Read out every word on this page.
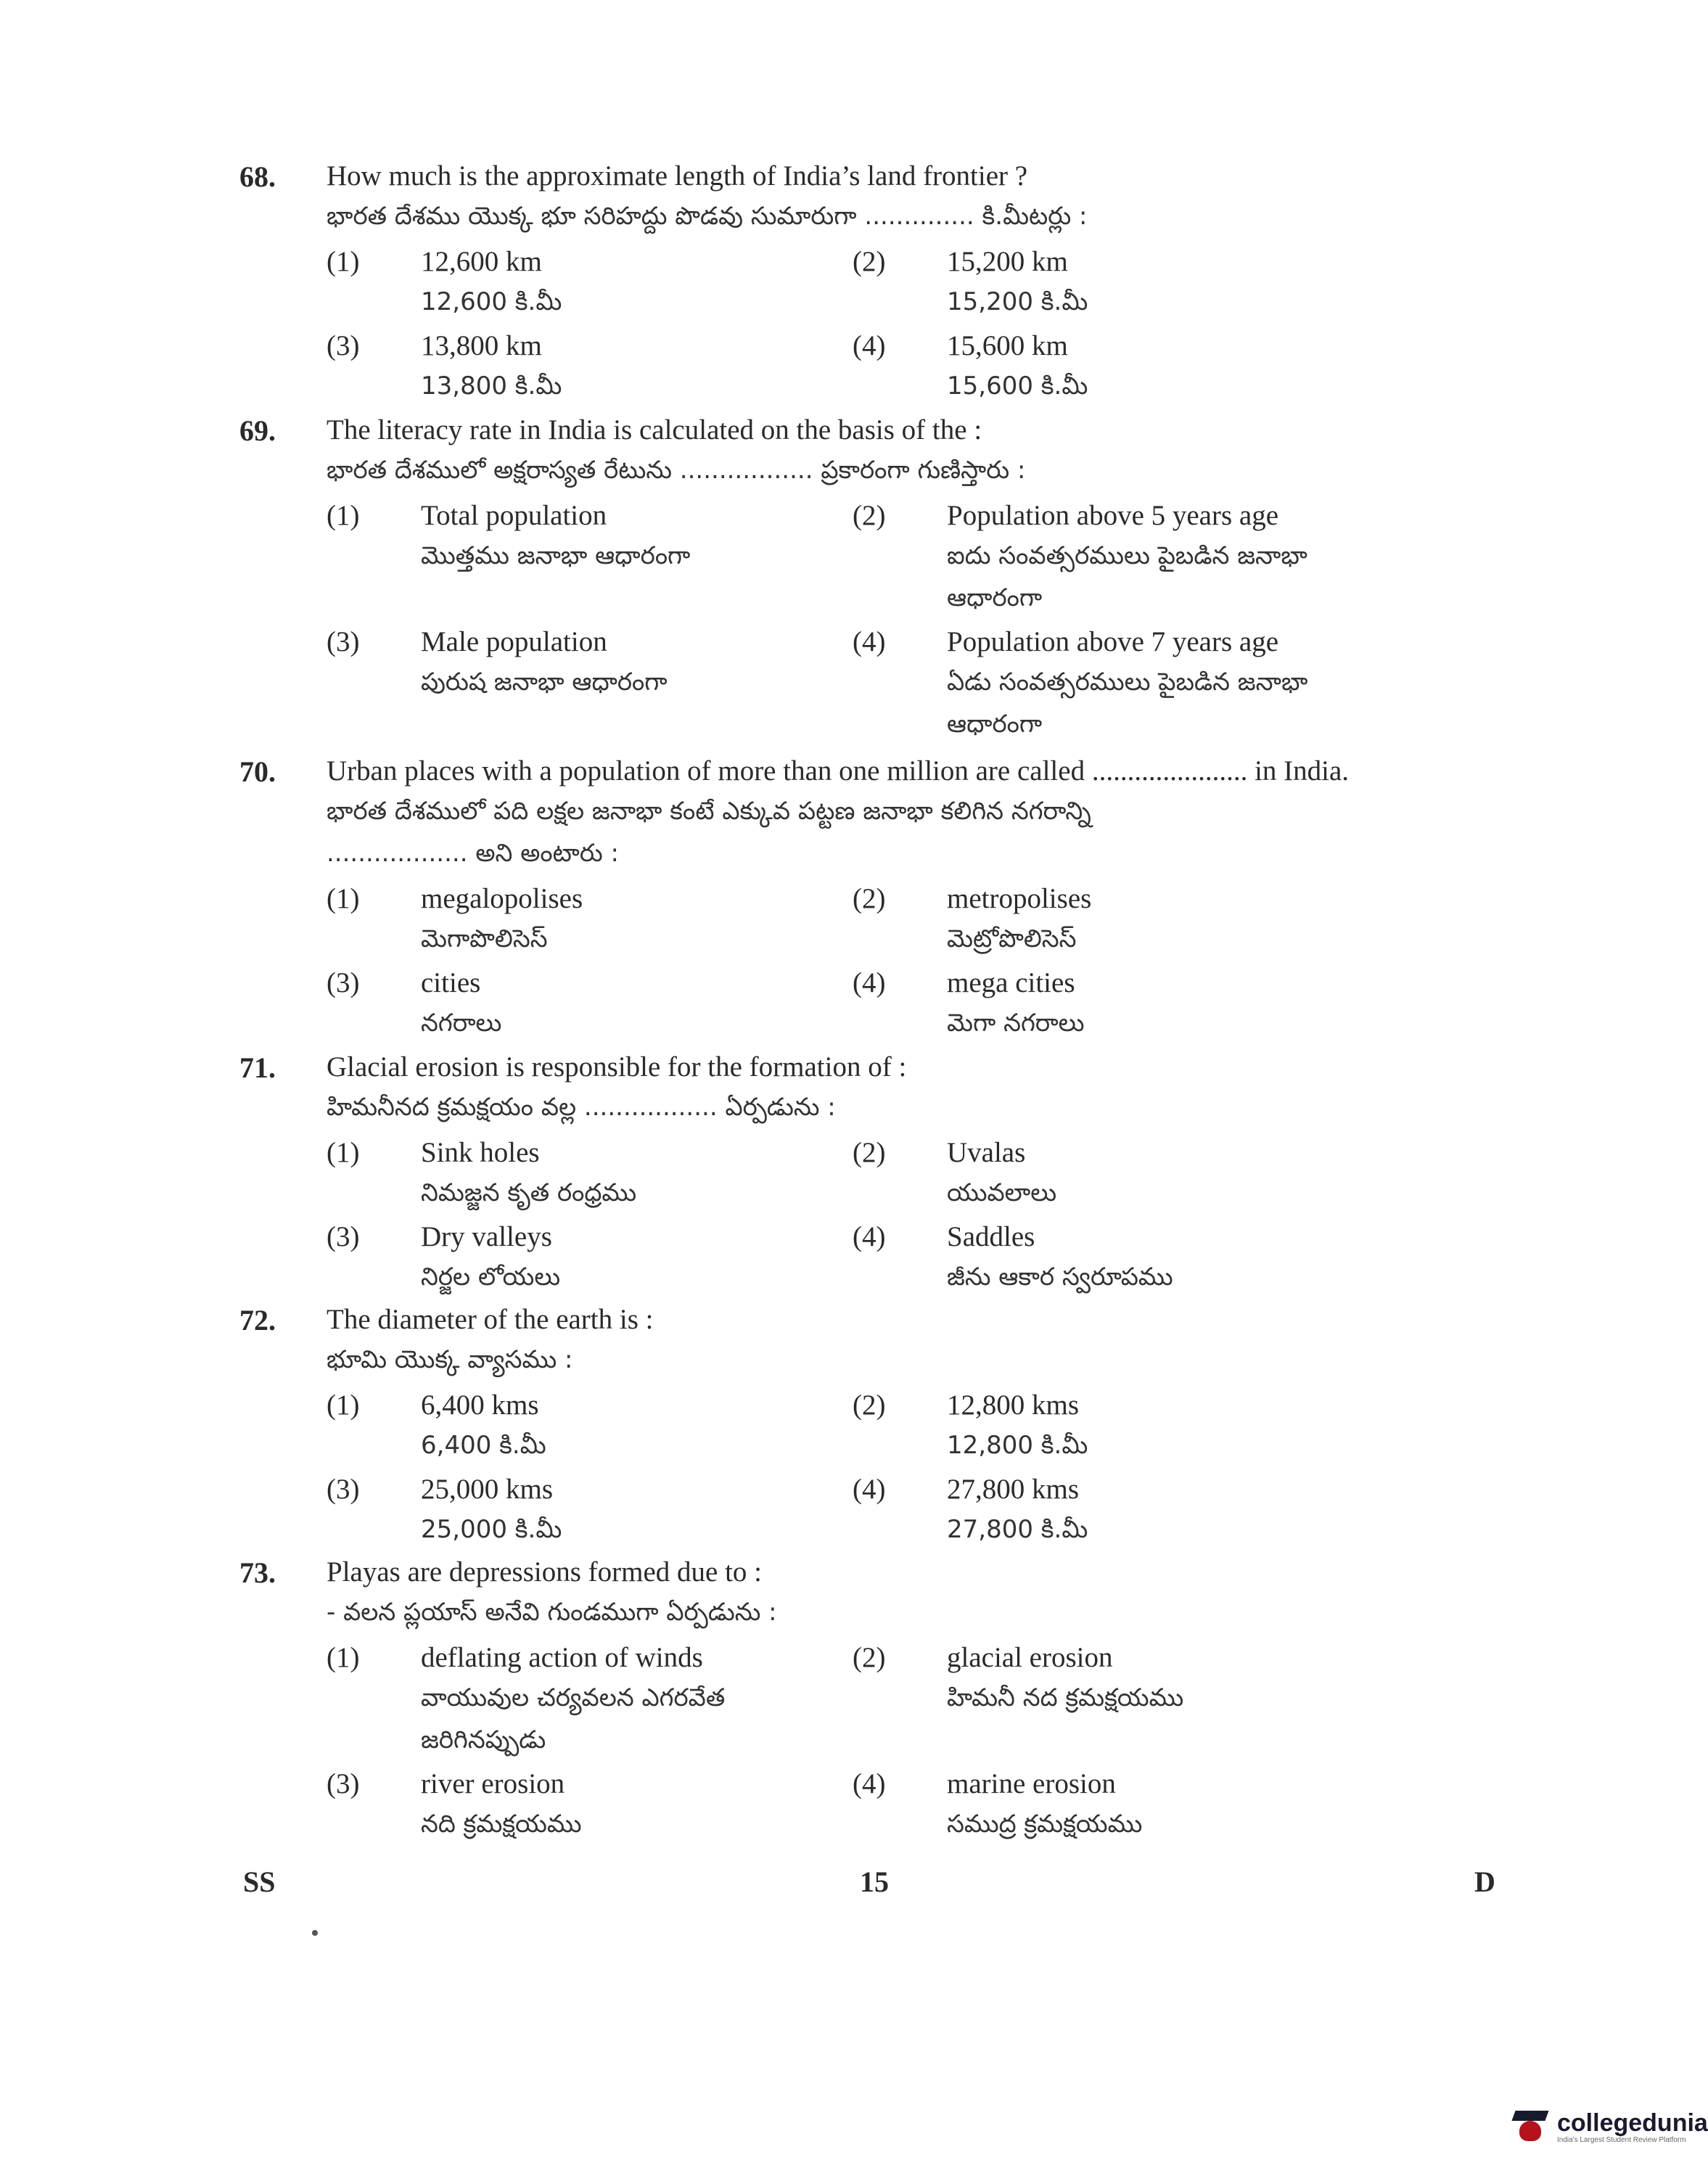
68. How much is the approximate length of India’s land frontier ?
భారత దేశము యొక్క భూ సరిహద్దు పొడవు సుమారుగా .............. కి.మీటర్లు :
(1) 12,600 km
12,600 కి.మీ
(2) 15,200 km
15,200 కి.మీ
(3) 13,800 km
13,800 కి.మీ
(4) 15,600 km
15,600 కి.మీ
69. The literacy rate in India is calculated on the basis of the :
భారత దేశములో అక్షరాస్యత రేటును ................. ప్రకారంగా గుణిస్తారు :
(1) Total population
మొత్తము జనాభా ఆధారంగా
(2) Population above 5 years age
ఐదు సంవత్సరములు పైబడిన జనాభా
ఆధారంగా
(3) Male population
పురుష జనాభా ఆధారంగా
(4) Population above 7 years age
ఏడు సంవత్సరములు పైబడిన జనాభా
ఆధారంగా
70. Urban places with a population of more than one million are called ...................... in India.
భారత దేశములో పది లక్షల జనాభా కంటే ఎక్కువ పట్టణ జనాభా కలిగిన నగరాన్ని
.................. అని అంటారు :
(1) megalopolises
మెగాపొలిసెస్
(2) metropolises
మెట్రోపొలిసెస్
(3) cities
నగరాలు
(4) mega cities
మెగా నగరాలు
71. Glacial erosion is responsible for the formation of :
హిమనీనద క్రమక్షయం వల్ల ................. ఏర్పడును :
(1) Sink holes
నిమజ్జన కృత రంధ్రము
(2) Uvalas
యువలాలు
(3) Dry valleys
నిర్జల లోయలు
(4) Saddles
జీను ఆకార స్వరూపము
72. The diameter of the earth is :
భూమి యొక్క వ్యాసము :
(1) 6,400 kms
6,400 కి.మీ
(2) 12,800 kms
12,800 కి.మీ
(3) 25,000 kms
25,000 కి.మీ
(4) 27,800 kms
27,800 కి.మీ
73. Playas are depressions formed due to :
- వలన ప్లయాస్ అనేవి గుండముగా ఏర్పడును :
(1) deflating action of winds
వాయువుల చర్యవలన ఎగరవేత
జరిగినప్పుడు
(2) glacial erosion
హిమనీ నద క్రమక్షయము
(3) river erosion
నది క్రమక్షయము
(4) marine erosion
సముద్ర క్రమక్షయము
SS	15	D
collegedunia
India's Largest Student Review Platform
